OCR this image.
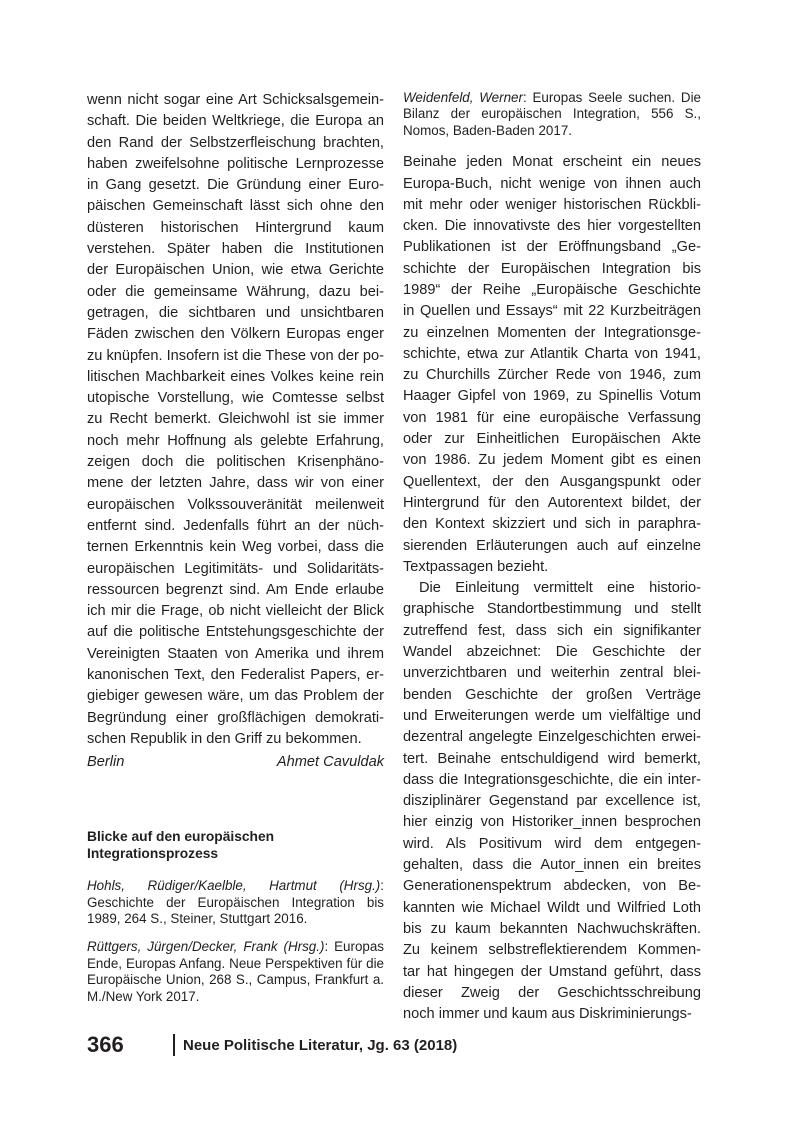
wenn nicht sogar eine Art Schicksalsgemein-
schaft. Die beiden Weltkriege, die Europa an
den Rand der Selbstzerfleischung brachten,
haben zweifelsohne politische Lernprozesse
in Gang gesetzt. Die Gründung einer Euro-
päischen Gemeinschaft lässt sich ohne den
düsteren historischen Hintergrund kaum
verstehen. Später haben die Institutionen
der Europäischen Union, wie etwa Gerichte
oder die gemeinsame Währung, dazu bei-
getragen, die sichtbaren und unsichtbaren
Fäden zwischen den Völkern Europas enger
zu knüpfen. Insofern ist die These von der po-
litischen Machbarkeit eines Volkes keine rein
utopische Vorstellung, wie Comtesse selbst
zu Recht bemerkt. Gleichwohl ist sie immer
noch mehr Hoffnung als gelebte Erfahrung,
zeigen doch die politischen Krisenphäno-
mene der letzten Jahre, dass wir von einer
europäischen Volkssouveränität meilenweit
entfernt sind. Jedenfalls führt an der nüch-
ternen Erkenntnis kein Weg vorbei, dass die
europäischen Legitimitäts- und Solidaritäts-
ressourcen begrenzt sind. Am Ende erlaube
ich mir die Frage, ob nicht vielleicht der Blick
auf die politische Entstehungsgeschichte der
Vereinigten Staaten von Amerika und ihrem
kanonischen Text, den Federalist Papers, er-
giebiger gewesen wäre, um das Problem der
Begründung einer großflächigen demokrati-
schen Republik in den Griff zu bekommen.
Berlin	Ahmet Cavuldak
Blicke auf den europäischen Integrationsprozess
Hohls, Rüdiger/Kaelble, Hartmut (Hrsg.): Geschichte der Europäischen Integration bis 1989, 264 S., Steiner, Stuttgart 2016.
Rüttgers, Jürgen/Decker, Frank (Hrsg.): Europas Ende, Europas Anfang. Neue Perspektiven für die Europäische Union, 268 S., Campus, Frankfurt a. M./New York 2017.
Weidenfeld, Werner: Europas Seele suchen. Die Bilanz der europäischen Integration, 556 S., Nomos, Baden-Baden 2017.
Beinahe jeden Monat erscheint ein neues
Europa-Buch, nicht wenige von ihnen auch
mit mehr oder weniger historischen Rückbli-
cken. Die innovativste des hier vorgestellten
Publikationen ist der Eröffnungsband „Ge-
schichte der Europäischen Integration bis
1989“ der Reihe „Europäische Geschichte
in Quellen und Essays“ mit 22 Kurzbeiträgen
zu einzelnen Momenten der Integrationsge-
schichte, etwa zur Atlantik Charta von 1941,
zu Churchills Zürcher Rede von 1946, zum
Haager Gipfel von 1969, zu Spinellis Votum
von 1981 für eine europäische Verfassung
oder zur Einheitlichen Europäischen Akte
von 1986. Zu jedem Moment gibt es einen
Quellentext, der den Ausgangspunkt oder
Hintergrund für den Autorentext bildet, der
den Kontext skizziert und sich in paraphra-
sierenden Erläuterungen auch auf einzelne
Textpassagen bezieht.
Die Einleitung vermittelt eine historio-
graphische Standortbestimmung und stellt
zutreffend fest, dass sich ein signifikanter
Wandel abzeichnet: Die Geschichte der
unverzichtbaren und weiterhin zentral blei-
benden Geschichte der großen Verträge
und Erweiterungen werde um vielfältige und
dezentral angelegte Einzelgeschichten erwei-
tert. Beinahe entschuldigend wird bemerkt,
dass die Integrationsgeschichte, die ein inter-
disziplinärer Gegenstand par excellence ist,
hier einzig von Historiker_innen besprochen
wird. Als Positivum wird dem entgegen-
gehalten, dass die Autor_innen ein breites
Generationenspektrum abdecken, von Be-
kannten wie Michael Wildt und Wilfried Loth
bis zu kaum bekannten Nachwuchskräften.
Zu keinem selbstreflektierendem Kommen-
tar hat hingegen der Umstand geführt, dass
dieser Zweig der Geschichtsschreibung
noch immer und kaum aus Diskriminierungs-
366	Neue Politische Literatur, Jg. 63 (2018)
